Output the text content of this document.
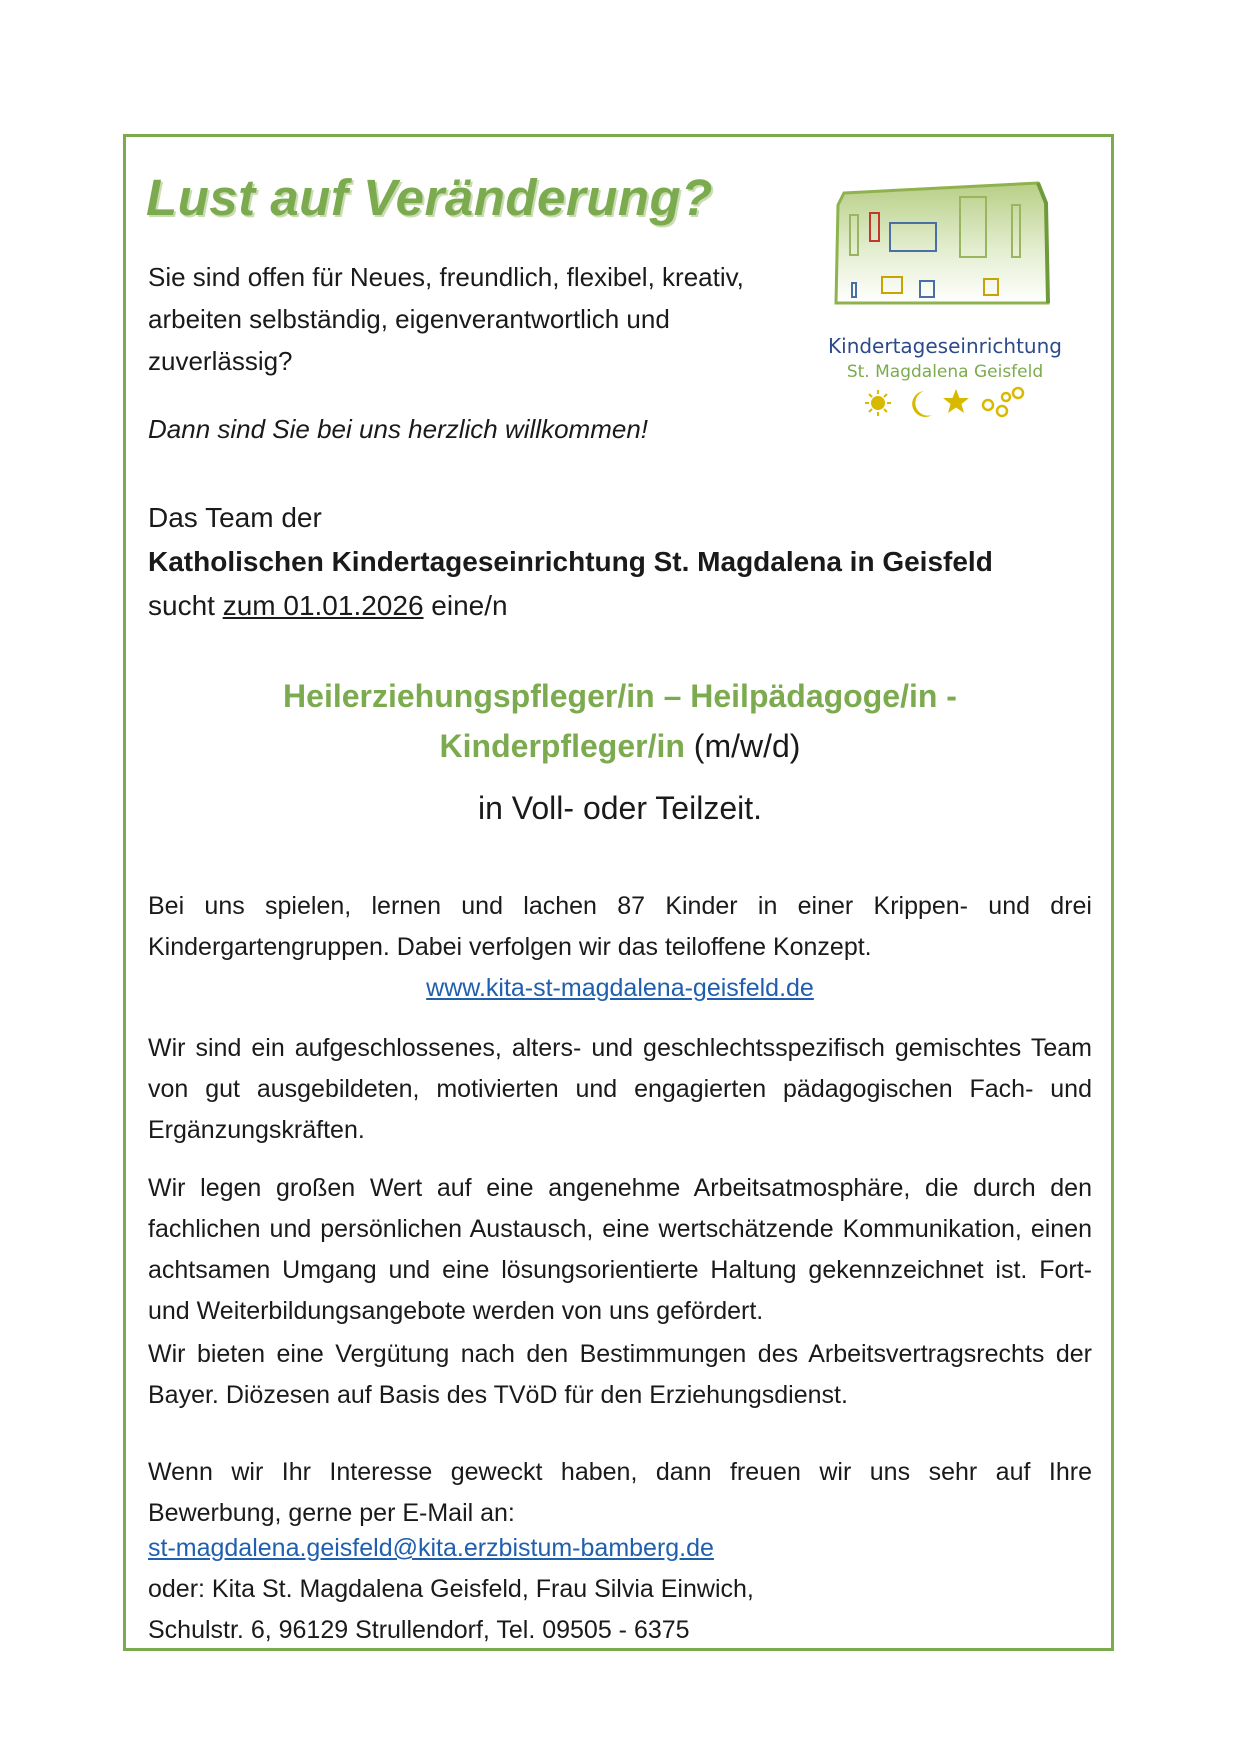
Lust auf Veränderung?

Sie sind offen für Neues, freundlich, flexibel, kreativ, arbeiten selbständig, eigenverantwortlich und zuverlässig?

Dann sind Sie bei uns herzlich willkommen!

Kindertageseinrichtung
St. Magdalena Geisfeld

Das Team der

Katholischen Kindertageseinrichtung St. Magdalena in Geisfeld

sucht zum 01.01.2026 eine/n

Heilerziehungspfleger/in – Heilpädagoge/in -

Kinderpfleger/in (m/w/d)

in Voll- oder Teilzeit.

Bei uns spielen, lernen und lachen 87 Kinder in einer Krippen- und drei Kindergartengruppen. Dabei verfolgen wir das teiloffene Konzept.

www.kita-st-magdalena-geisfeld.de

Wir sind ein aufgeschlossenes, alters- und geschlechtsspezifisch gemischtes Team von gut ausgebildeten, motivierten und engagierten pädagogischen Fach- und Ergänzungskräften.

Wir legen großen Wert auf eine angenehme Arbeitsatmosphäre, die durch den fachlichen und persönlichen Austausch, eine wertschätzende Kommunikation, einen achtsamen Umgang und eine lösungsorientierte Haltung gekennzeichnet ist. Fort- und Weiterbildungsangebote werden von uns gefördert.

Wir bieten eine Vergütung nach den Bestimmungen des Arbeitsvertragsrechts der Bayer. Diözesen auf Basis des TVöD für den Erziehungsdienst.

Wenn wir Ihr Interesse geweckt haben, dann freuen wir uns sehr auf Ihre Bewerbung, gerne per E-Mail an:

st-magdalena.geisfeld@kita.erzbistum-bamberg.de

oder: Kita St. Magdalena Geisfeld, Frau Silvia Einwich,

Schulstr. 6, 96129 Strullendorf, Tel. 09505 - 6375
